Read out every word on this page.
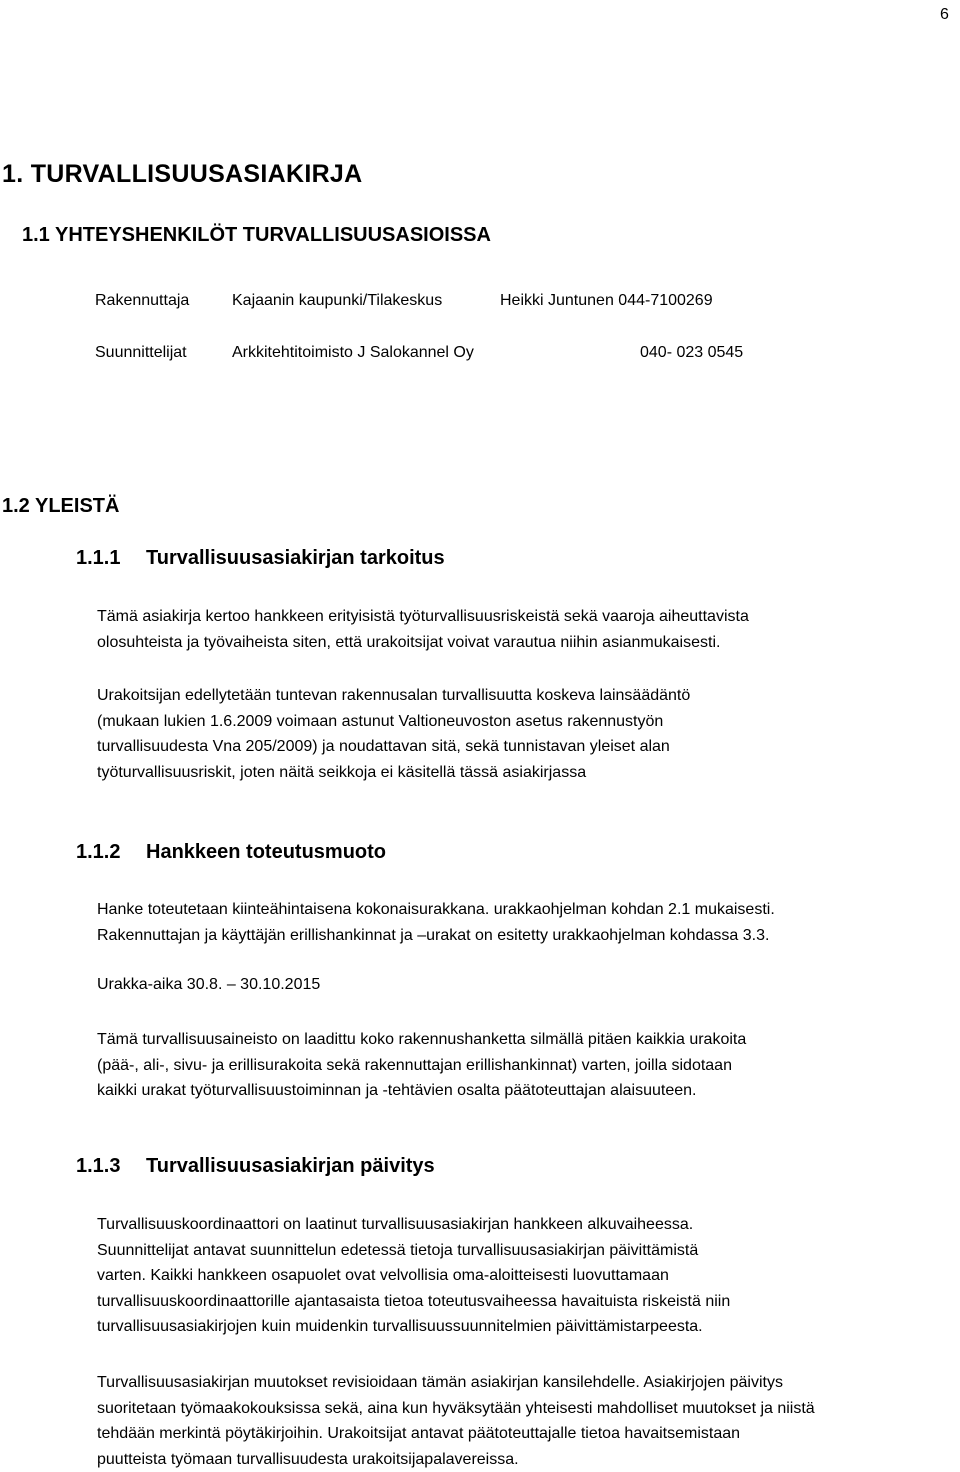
6
1. TURVALLISUUSASIAKIRJA
1.1 YHTEYSHENKILÖT TURVALLISUUSASIOISSA
Rakennuttaja	Kajaanin kaupunki/Tilakeskus	Heikki Juntunen 044-7100269
Suunnittelijat	Arkkitehtitoimisto J Salokannel Oy	040- 023 0545
1.2 YLEISTÄ
1.1.1 Turvallisuusasiakirjan tarkoitus

Tämä asiakirja kertoo hankkeen erityisistä työturvallisuusriskeistä sekä vaaroja aiheuttavista

olosuhteista ja työvaiheista siten, että urakoitsijat voivat varautua niihin asianmukaisesti.

Urakoitsijan edellytetään tuntevan rakennusalan turvallisuutta koskeva lainsäädäntö

(mukaan lukien 1.6.2009 voimaan astunut Valtioneuvoston asetus rakennustyön

turvallisuudesta Vna 205/2009) ja noudattavan sitä, sekä tunnistavan yleiset alan

työturvallisuusriskit, joten näitä seikkoja ei käsitellä tässä asiakirjassa

1.1.2 Hankkeen toteutusmuoto

Hanke toteutetaan kiinteähintaisena kokonaisurakkana. urakkaohjelman kohdan 2.1 mukaisesti.

Rakennuttajan ja käyttäjän erillishankinnat ja –urakat on esitetty urakkaohjelman kohdassa 3.3.

Urakka-aika 30.8. – 30.10.2015

Tämä turvallisuusaineisto on laadittu koko rakennushanketta silmällä pitäen kaikkia urakoita

(pää-, ali-, sivu- ja erillisurakoita sekä rakennuttajan erillishankinnat) varten, joilla sidotaan

kaikki urakat työturvallisuustoiminnan ja -tehtävien osalta päätoteuttajan alaisuuteen.

1.1.3 Turvallisuusasiakirjan päivitys

Turvallisuuskoordinaattori on laatinut turvallisuusasiakirjan hankkeen alkuvaiheessa.

Suunnittelijat antavat suunnittelun edetessä tietoja turvallisuusasiakirjan päivittämistä

varten. Kaikki hankkeen osapuolet ovat velvollisia oma-aloitteisesti luovuttamaan

turvallisuuskoordinaattorille ajantasaista tietoa toteutusvaiheessa havaituista riskeistä niin

turvallisuusasiakirjojen kuin muidenkin turvallisuussuunnitelmien päivittämistarpeesta.

Turvallisuusasiakirjan muutokset revisioidaan tämän asiakirjan kansilehdelle. Asiakirjojen päivitys

suoritetaan työmaakokouksissa sekä, aina kun hyväksytään yhteisesti mahdolliset muutokset ja niistä

tehdään merkintä pöytäkirjoihin. Urakoitsijat antavat päätoteuttajalle tietoa havaitsemistaan

puutteista työmaan turvallisuudesta urakoitsijapalavereissa.
